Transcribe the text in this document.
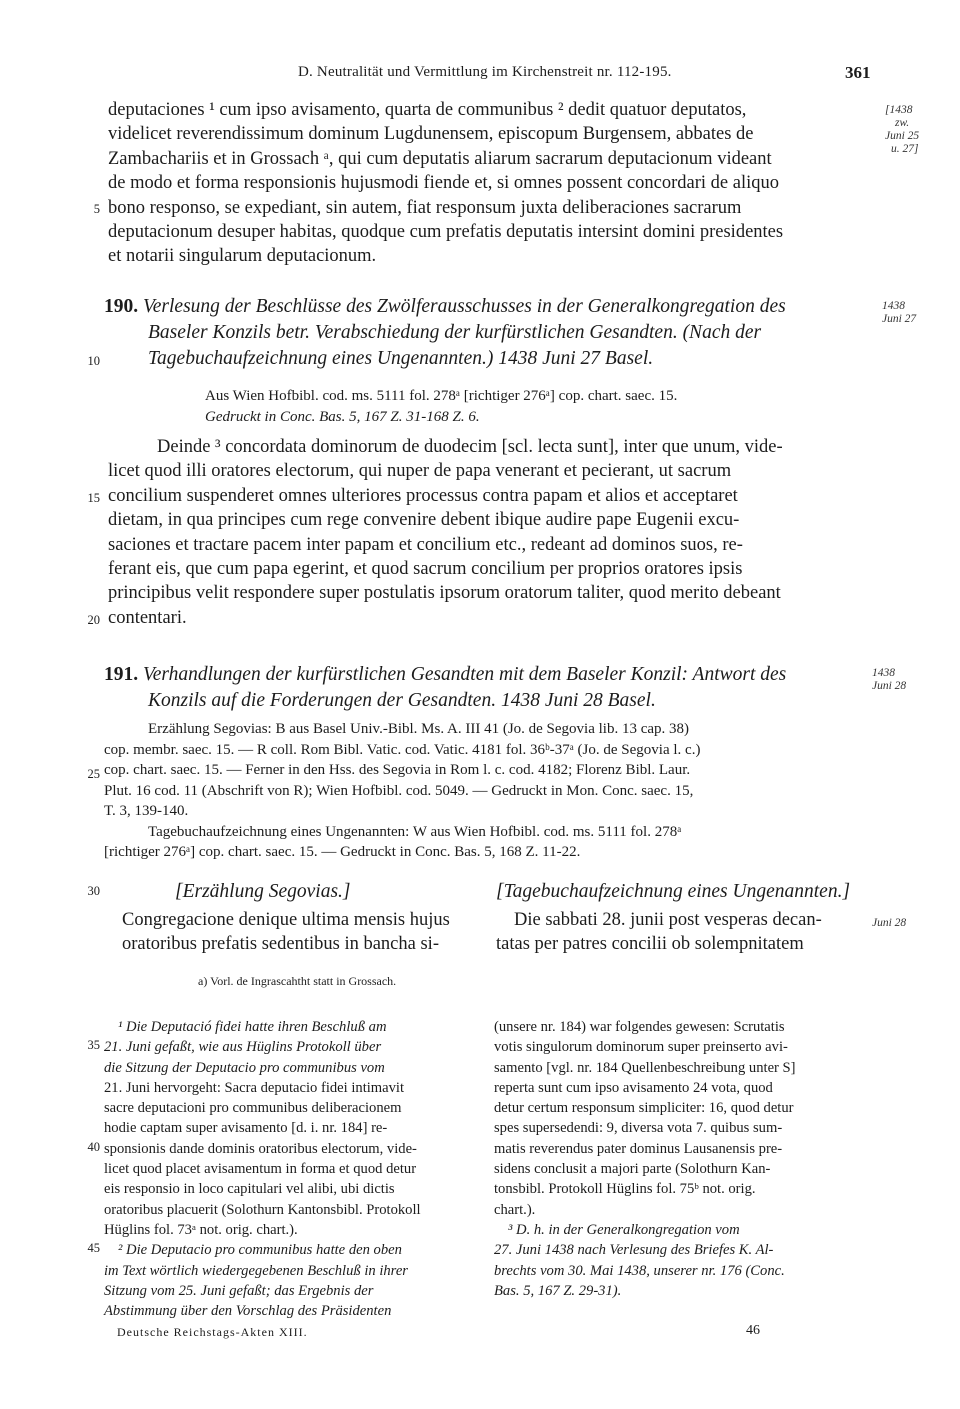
D. Neutralität und Vermittlung im Kirchenstreit nr. 112-195.	361
deputaciones ¹ cum ipso avisamento, quarta de communibus ² dedit quatuor deputatos,
videlicet reverendissimum dominum Lugdunensem, episcopum Burgensem, abbates de
Zambachariis et in Grossach ᵃ, qui cum deputatis aliarum sacrarum deputacionum videant
de modo et forma responsionis hujusmodi fiende et, si omnes possent concordari de aliquo
bono responso, se expediant, sin autem, fiat responsum juxta deliberaciones sacrarum
deputacionum desuper habitas, quodque cum prefatis deputatis intersint domini presidentes
et notarii singularum deputacionum.
[1438
zw.
Juni 25
u. 27]
5
190. Verlesung der Beschlüsse des Zwölferausschusses in der Generalkongregation des
Baseler Konzils betr. Verabschiedung der kurfürstlichen Gesandten. (Nach der
Tagebuchaufzeichnung eines Ungenannten.) 1438 Juni 27 Basel.
1438
Juni 27
10
Aus Wien Hofbibl. cod. ms. 5111 fol. 278ᵃ [richtiger 276ᵃ] cop. chart. saec. 15.
Gedruckt in Conc. Bas. 5, 167 Z. 31-168 Z. 6.
Deinde ³ concordata dominorum de duodecim [scl. lecta sunt], inter que unum, vide-
licet quod illi oratores electorum, qui nuper de papa venerant et pecierant, ut sacrum
concilium suspenderet omnes ulteriores processus contra papam et alios et acceptaret
dietam, in qua principes cum rege convenire debent ibique audire pape Eugenii excu-
saciones et tractare pacem inter papam et concilium etc., redeant ad dominos suos, re-
ferant eis, que cum papa egerint, et quod sacrum concilium per proprios oratores ipsis
principibus velit respondere super postulatis ipsorum oratorum taliter, quod merito debeant
contentari.
15
20
191. Verhandlungen der kurfürstlichen Gesandten mit dem Baseler Konzil: Antwort des
Konzils auf die Forderungen der Gesandten. 1438 Juni 28 Basel.
1438
Juni 28
Erzählung Segovias: B aus Basel Univ.-Bibl. Ms. A. III 41 (Jo. de Segovia lib. 13 cap. 38)
cop. membr. saec. 15. — R coll. Rom Bibl. Vatic. cod. Vatic. 4181 fol. 36ᵇ-37ᵃ (Jo. de Segovia l. c.)
cop. chart. saec. 15. — Ferner in den Hss. des Segovia in Rom l. c. cod. 4182; Florenz Bibl. Laur.
Plut. 16 cod. 11 (Abschrift von R); Wien Hofbibl. cod. 5049. — Gedruckt in Mon. Conc. saec. 15,
T. 3, 139-140.
Tagebuchaufzeichnung eines Ungenannten: W aus Wien Hofbibl. cod. ms. 5111 fol. 278ᵃ
[richtiger 276ᵃ] cop. chart. saec. 15. — Gedruckt in Conc. Bas. 5, 168 Z. 11-22.
25
30	[Erzählung Segovias.]	[Tagebuchaufzeichnung eines Ungenannten.]
Congregacione denique ultima mensis hujus
oratoribus prefatis sedentibus in bancha si-
Die sabbati 28. junii post vesperas decan-
tatas per patres concilii ob solempnitatem
Juni 28
a) Vorl. de Ingrascahtht statt in Grossach.
¹ Die Deputació fidei hatte ihren Beschluß am
21. Juni gefaßt, wie aus Hüglins Protokoll über
die Sitzung der Deputacio pro communibus vom
21. Juni hervorgeht: Sacra deputacio fidei intimavit
sacre deputacioni pro communibus deliberacionem
hodie captam super avisamento [d. i. nr. 184] re-
sponsionis dande dominis oratoribus electorum, vide-
licet quod placet avisamentum in forma et quod detur
eis responsio in loco capitulari vel alibi, ubi dictis
oratoribus placuerit (Solothurn Kantonsbibl. Protokoll
Hüglins fol. 73ᵃ not. orig. chart.).
² Die Deputacio pro communibus hatte den oben
im Text wörtlich wiedergegebenen Beschluß in ihrer
Sitzung vom 25. Juni gefaßt; das Ergebnis der
Abstimmung über den Vorschlag des Präsidenten
(unsere nr. 184) war folgendes gewesen: Scrutatis
votis singulorum dominorum super preinserto avi-
samento [vgl. nr. 184 Quellenbeschreibung unter S]
reperta sunt cum ipso avisamento 24 vota, quod
detur certum responsum simpliciter: 16, quod detur
spes supersedendi: 9, diversa vota 7. quibus sum-
matis reverendus pater dominus Lausanensis pre-
sidens conclusit a majori parte (Solothurn Kan-
tonsbibl. Protokoll Hüglins fol. 75ᵇ not. orig.
chart.).
³ D. h. in der Generalkongregation vom
27. Juni 1438 nach Verlesung des Briefes K. Al-
brechts vom 30. Mai 1438, unserer nr. 176 (Conc.
Bas. 5, 167 Z. 29-31).
35
40
45
Deutsche Reichstags-Akten XIII.	46
